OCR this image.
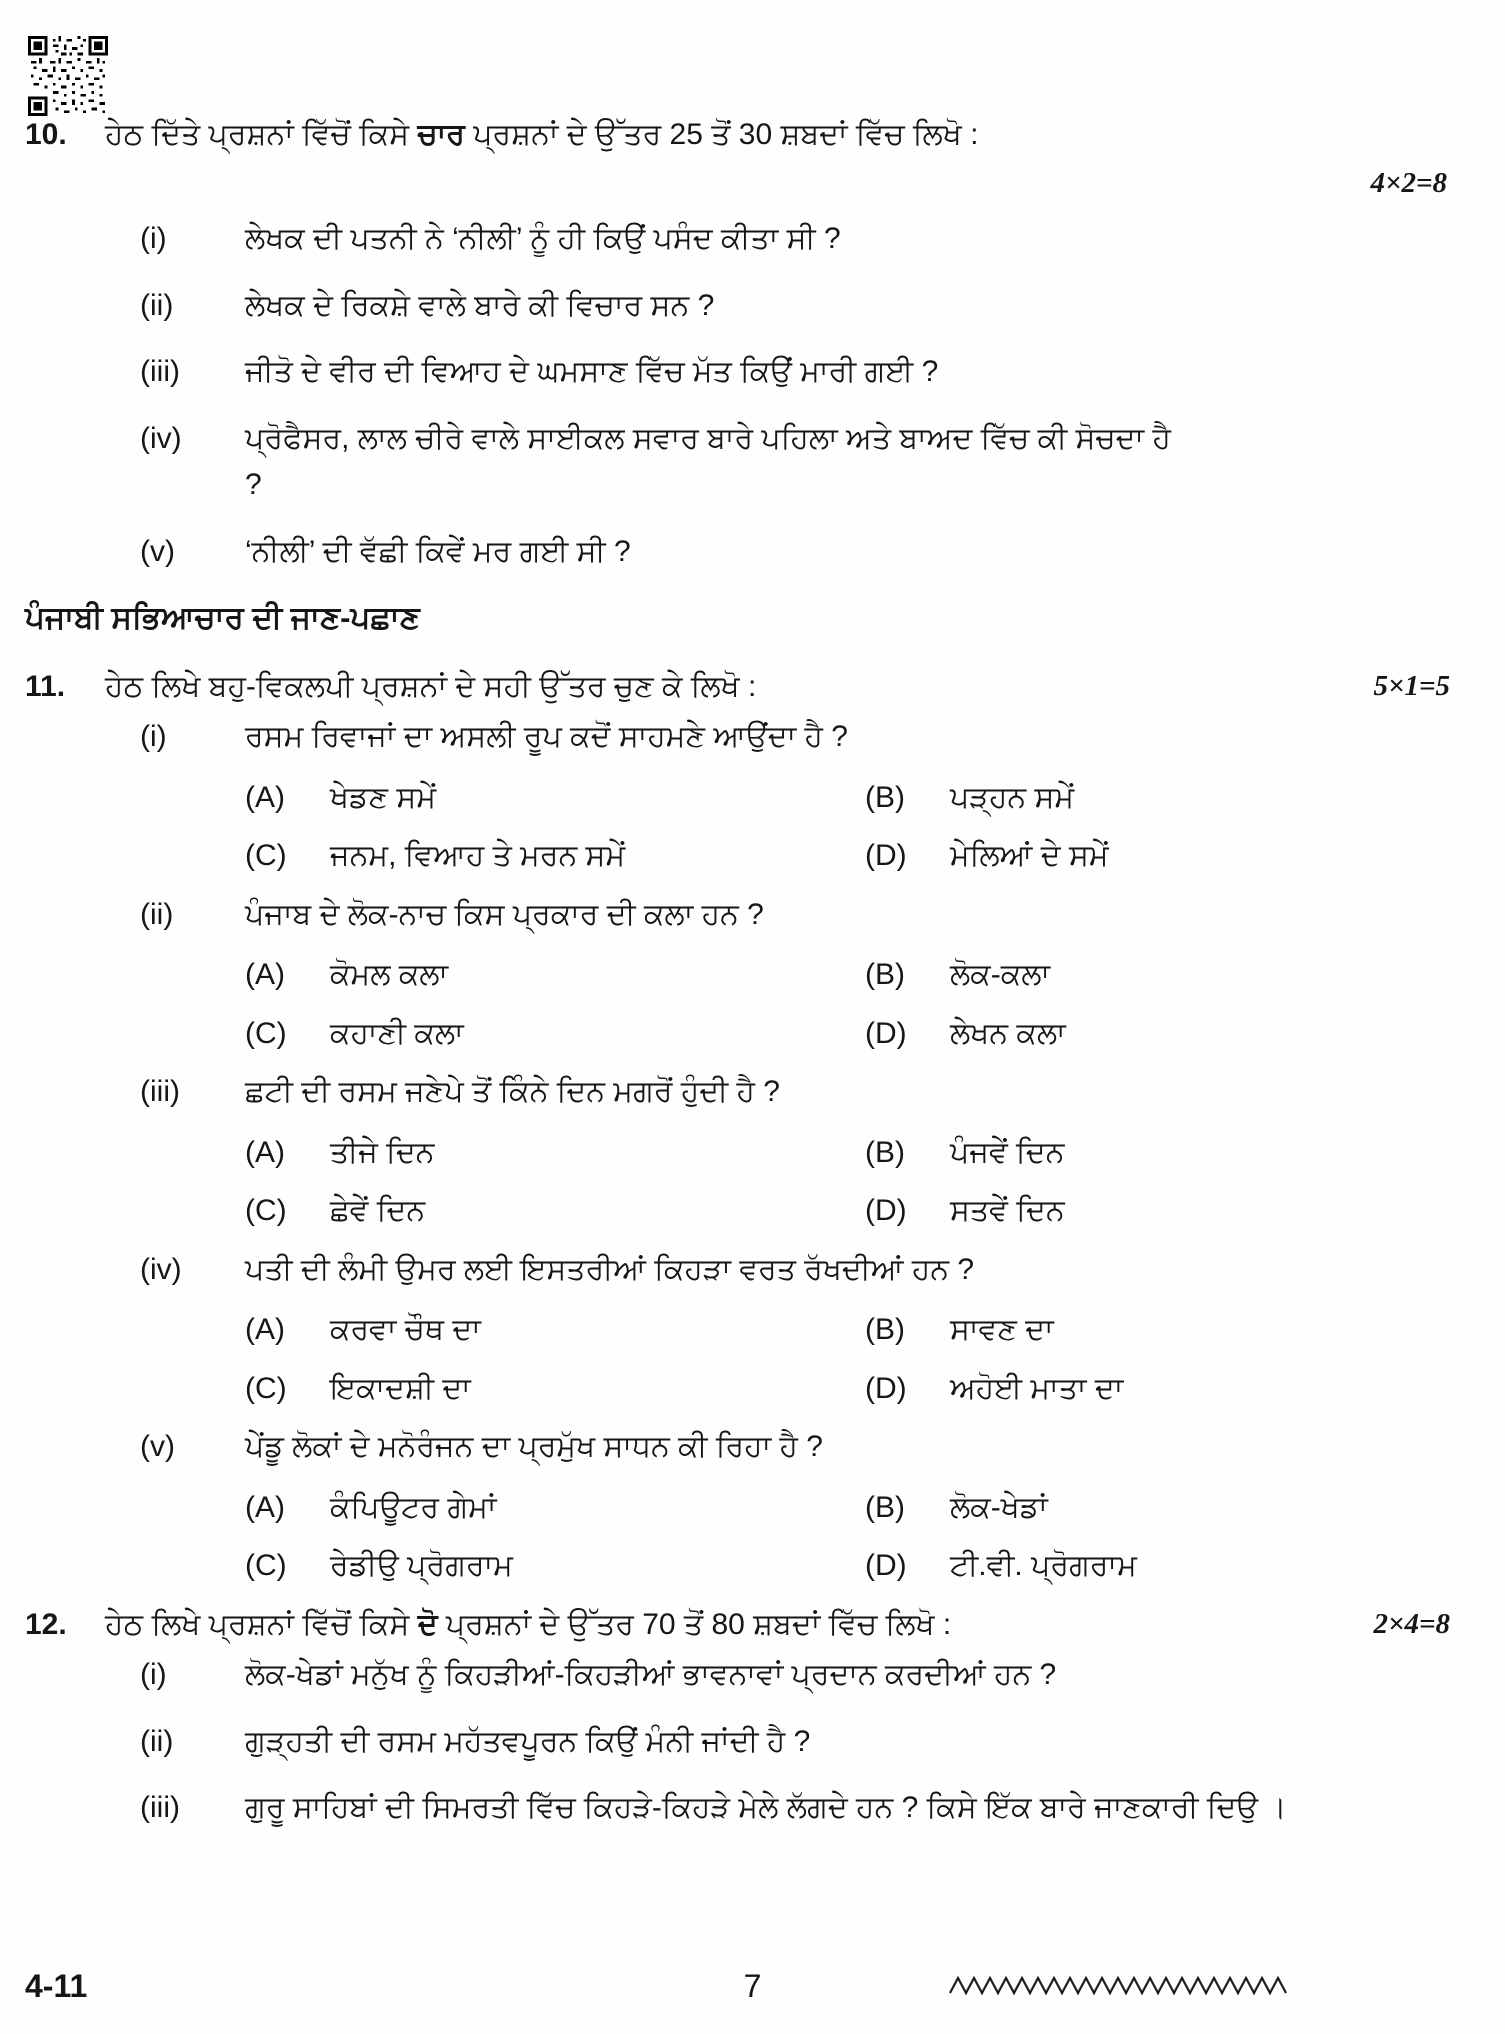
10.	ਹੇਠ ਦਿੱਤੇ ਪ੍ਰਸ਼ਨਾਂ ਵਿੱਚੋਂ ਕਿਸੇ ਚਾਰ ਪ੍ਰਸ਼ਨਾਂ ਦੇ ਉੱਤਰ 25 ਤੋਂ 30 ਸ਼ਬਦਾਂ ਵਿੱਚ ਲਿਖੋ :
4×2=8
(i)	ਲੇਖਕ ਦੀ ਪਤਨੀ ਨੇ ‘ਨੀਲੀ’ ਨੂੰ ਹੀ ਕਿਉਂ ਪਸੰਦ ਕੀਤਾ ਸੀ ?
(ii)	ਲੇਖਕ ਦੇ ਰਿਕਸ਼ੇ ਵਾਲੇ ਬਾਰੇ ਕੀ ਵਿਚਾਰ ਸਨ ?
(iii)	ਜੀਤੋ ਦੇ ਵੀਰ ਦੀ ਵਿਆਹ ਦੇ ਘਮਸਾਣ ਵਿੱਚ ਮੱਤ ਕਿਉਂ ਮਾਰੀ ਗਈ ?
(iv)	ਪ੍ਰੋਫੈਸਰ, ਲਾਲ ਚੀਰੇ ਵਾਲੇ ਸਾਈਕਲ ਸਵਾਰ ਬਾਰੇ ਪਹਿਲਾ ਅਤੇ ਬਾਅਦ ਵਿੱਚ ਕੀ ਸੋਚਦਾ ਹੈ ?
(v)	‘ਨੀਲੀ’ ਦੀ ਵੱਛੀ ਕਿਵੇਂ ਮਰ ਗਈ ਸੀ ?
ਪੰਜਾਬੀ ਸਭਿਆਚਾਰ ਦੀ ਜਾਣ-ਪਛਾਣ
11.	ਹੇਠ ਲਿਖੇ ਬਹੁ-ਵਿਕਲਪੀ ਪ੍ਰਸ਼ਨਾਂ ਦੇ ਸਹੀ ਉੱਤਰ ਚੁਣ ਕੇ ਲਿਖੋ :	5×1=5
(i)	ਰਸਮ ਰਿਵਾਜਾਂ ਦਾ ਅਸਲੀ ਰੂਪ ਕਦੋਂ ਸਾਹਮਣੇ ਆਉਂਦਾ ਹੈ ?
(A)	ਖੇਡਣ ਸਮੇਂ	(B)	ਪੜ੍ਹਨ ਸਮੇਂ
(C)	ਜਨਮ, ਵਿਆਹ ਤੇ ਮਰਨ ਸਮੇਂ	(D)	ਮੇਲਿਆਂ ਦੇ ਸਮੇਂ
(ii)	ਪੰਜਾਬ ਦੇ ਲੋਕ-ਨਾਚ ਕਿਸ ਪ੍ਰਕਾਰ ਦੀ ਕਲਾ ਹਨ ?
(A)	ਕੋਮਲ ਕਲਾ	(B)	ਲੋਕ-ਕਲਾ
(C)	ਕਹਾਣੀ ਕਲਾ	(D)	ਲੇਖਨ ਕਲਾ
(iii)	ਛਟੀ ਦੀ ਰਸਮ ਜਣੇਪੇ ਤੋਂ ਕਿੰਨੇ ਦਿਨ ਮਗਰੋਂ ਹੁੰਦੀ ਹੈ ?
(A)	ਤੀਜੇ ਦਿਨ	(B)	ਪੰਜਵੇਂ ਦਿਨ
(C)	ਛੇਵੇਂ ਦਿਨ	(D)	ਸਤਵੇਂ ਦਿਨ
(iv)	ਪਤੀ ਦੀ ਲੰਮੀ ਉਮਰ ਲਈ ਇਸਤਰੀਆਂ ਕਿਹੜਾ ਵਰਤ ਰੱਖਦੀਆਂ ਹਨ ?
(A)	ਕਰਵਾ ਚੌਥ ਦਾ	(B)	ਸਾਵਣ ਦਾ
(C)	ਇਕਾਦਸ਼ੀ ਦਾ	(D)	ਅਹੋਈ ਮਾਤਾ ਦਾ
(v)	ਪੇਂਡੂ ਲੋਕਾਂ ਦੇ ਮਨੋਰੰਜਨ ਦਾ ਪ੍ਰਮੁੱਖ ਸਾਧਨ ਕੀ ਰਿਹਾ ਹੈ ?
(A)	ਕੰਪਿਊਟਰ ਗੇਮਾਂ	(B)	ਲੋਕ-ਖੇਡਾਂ
(C)	ਰੇਡੀਉ ਪ੍ਰੋਗਰਾਮ	(D)	ਟੀ.ਵੀ. ਪ੍ਰੋਗਰਾਮ
12.	ਹੇਠ ਲਿਖੇ ਪ੍ਰਸ਼ਨਾਂ ਵਿੱਚੋਂ ਕਿਸੇ ਦੋ ਪ੍ਰਸ਼ਨਾਂ ਦੇ ਉੱਤਰ 70 ਤੋਂ 80 ਸ਼ਬਦਾਂ ਵਿੱਚ ਲਿਖੋ :	2×4=8
(i)	ਲੋਕ-ਖੇਡਾਂ ਮਨੁੱਖ ਨੂੰ ਕਿਹੜੀਆਂ-ਕਿਹੜੀਆਂ ਭਾਵਨਾਵਾਂ ਪ੍ਰਦਾਨ ਕਰਦੀਆਂ ਹਨ ?
(ii)	ਗੁੜ੍ਹਤੀ ਦੀ ਰਸਮ ਮਹੱਤਵਪੂਰਨ ਕਿਉਂ ਮੰਨੀ ਜਾਂਦੀ ਹੈ ?
(iii)	ਗੁਰੂ ਸਾਹਿਬਾਂ ਦੀ ਸਿਮਰਤੀ ਵਿੱਚ ਕਿਹੜੇ-ਕਿਹੜੇ ਮੇਲੇ ਲੱਗਦੇ ਹਨ ? ਕਿਸੇ ਇੱਕ ਬਾਰੇ ਜਾਣਕਾਰੀ ਦਿਉ ।
4-11	7
